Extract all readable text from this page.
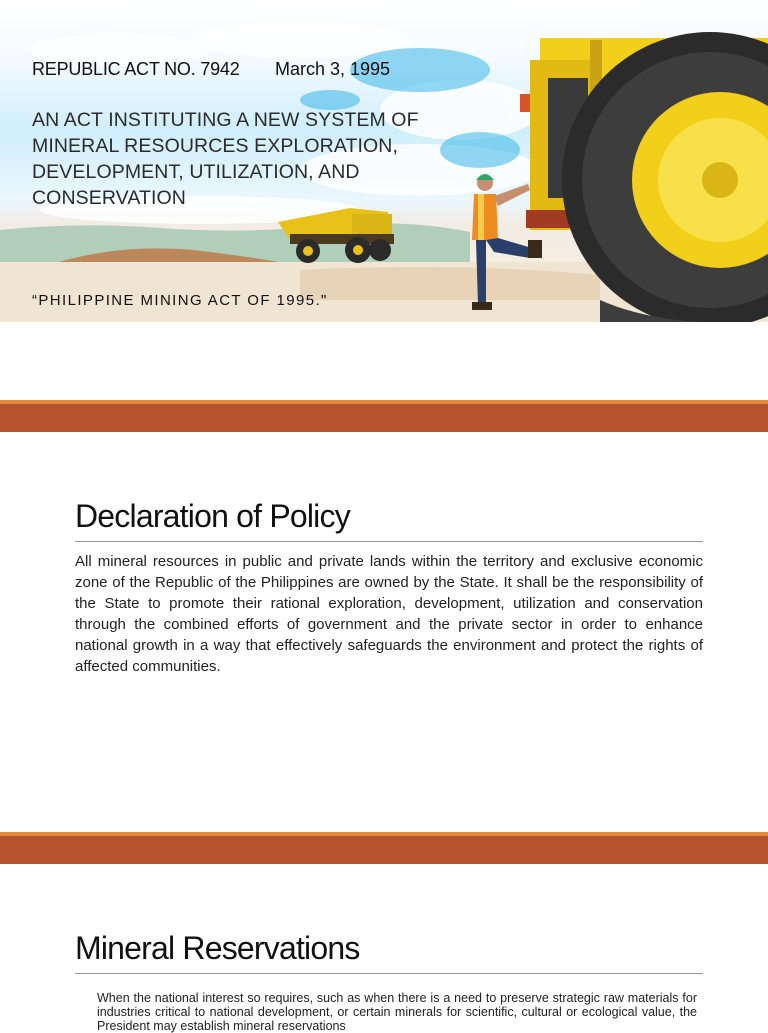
REPUBLIC ACT NO. 7942 March 3, 1995
AN ACT INSTITUTING A NEW SYSTEM OF MINERAL RESOURCES EXPLORATION, DEVELOPMENT, UTILIZATION, AND CONSERVATION
“PHILIPPINE MINING ACT OF 1995."
Declaration of Policy

All mineral resources in public and private lands within the territory and exclusive economic zone of the Republic of the Philippines are owned by the State. It shall be the responsibility of the State to promote their rational exploration, development, utilization and conservation through the combined efforts of government and the private sector in order to enhance national growth in a way that effectively safeguards the environment and protect the rights of affected communities.

Mineral Reservations

When the national interest so requires, such as when there is a need to preserve strategic raw materials for industries critical to national development, or certain minerals for scientific, cultural or ecological value, the President may establish mineral reservations
